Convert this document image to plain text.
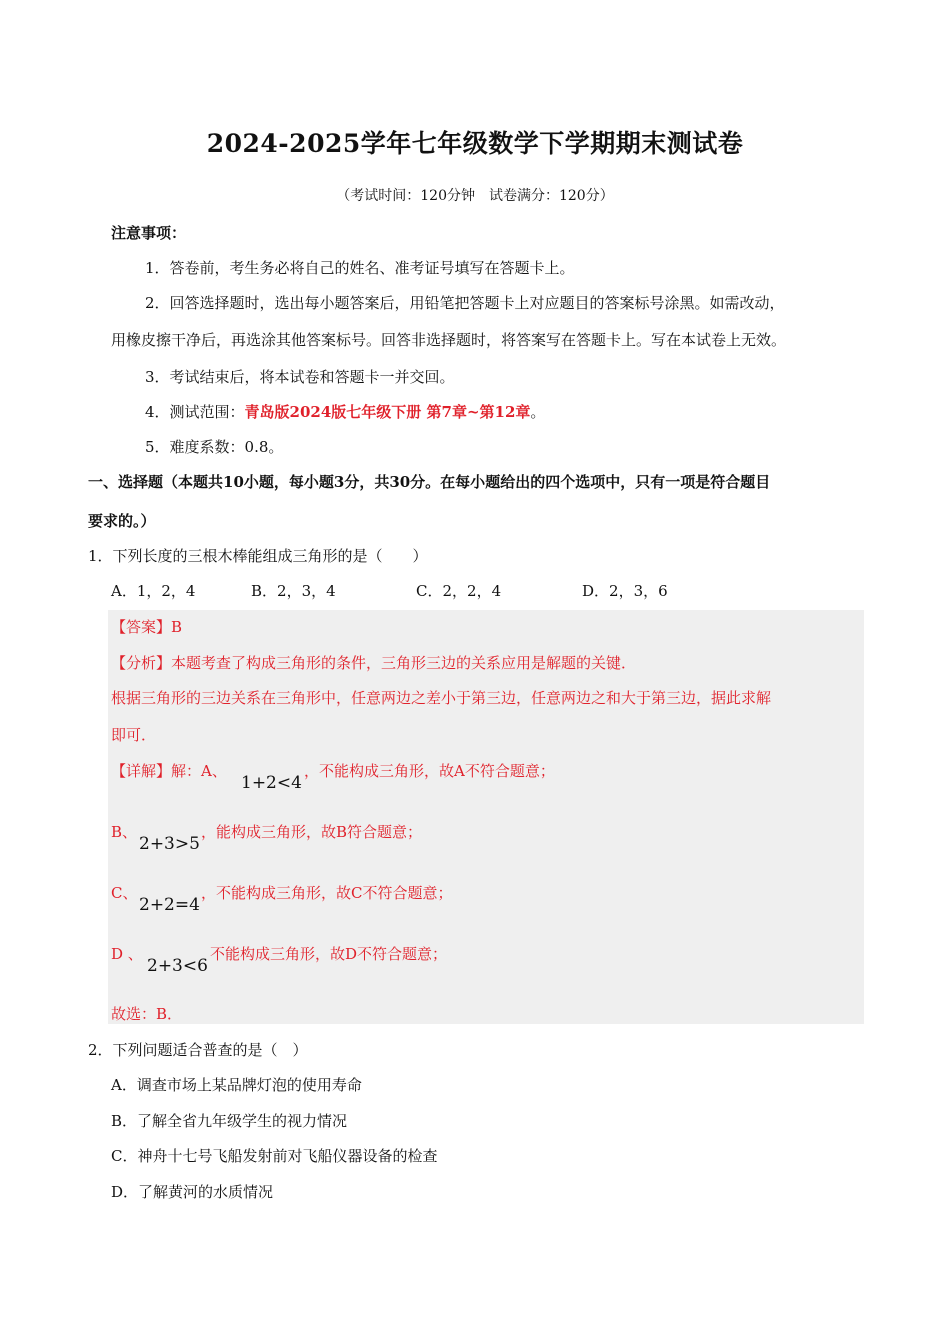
2024-2025学年七年级数学下学期期末测试卷
（考试时间：120分钟　试卷满分：120分）
注意事项：
1．答卷前，考生务必将自己的姓名、准考证号填写在答题卡上。
2．回答选择题时，选出每小题答案后，用铅笔把答题卡上对应题目的答案标号涂黑。如需改动，
用橡皮擦干净后，再选涂其他答案标号。回答非选择题时，将答案写在答题卡上。写在本试卷上无效。
3．考试结束后，将本试卷和答题卡一并交回。
4．测试范围：青岛版2024版七年级下册 第7章~第12章。
5．难度系数：0.8。
一、选择题（本题共10小题，每小题3分，共30分。在每小题给出的四个选项中，只有一项是符合题目
要求的。）
1．下列长度的三根木棒能组成三角形的是（　　）
A．1，2，4	B．2，3，4	C．2，2，4	D．2，3，6
【答案】B
【分析】本题考查了构成三角形的条件，三角形三边的关系应用是解题的关键．
根据三角形的三边关系在三角形中，任意两边之差小于第三边，任意两边之和大于第三边，据此求解
即可．
【详解】解：A、
1+2<4
，不能构成三角形，故A不符合题意；
B、
2+3>5
，能构成三角形，故B符合题意；
C、
2+2=4
，不能构成三角形，故C不符合题意；
D 、
2+3<6
不能构成三角形，故D不符合题意；
故选：B．
2．下列问题适合普查的是（　）
A．调查市场上某品牌灯泡的使用寿命
B．了解全省九年级学生的视力情况
C．神舟十七号飞船发射前对飞船仪器设备的检查
D．了解黄河的水质情况
